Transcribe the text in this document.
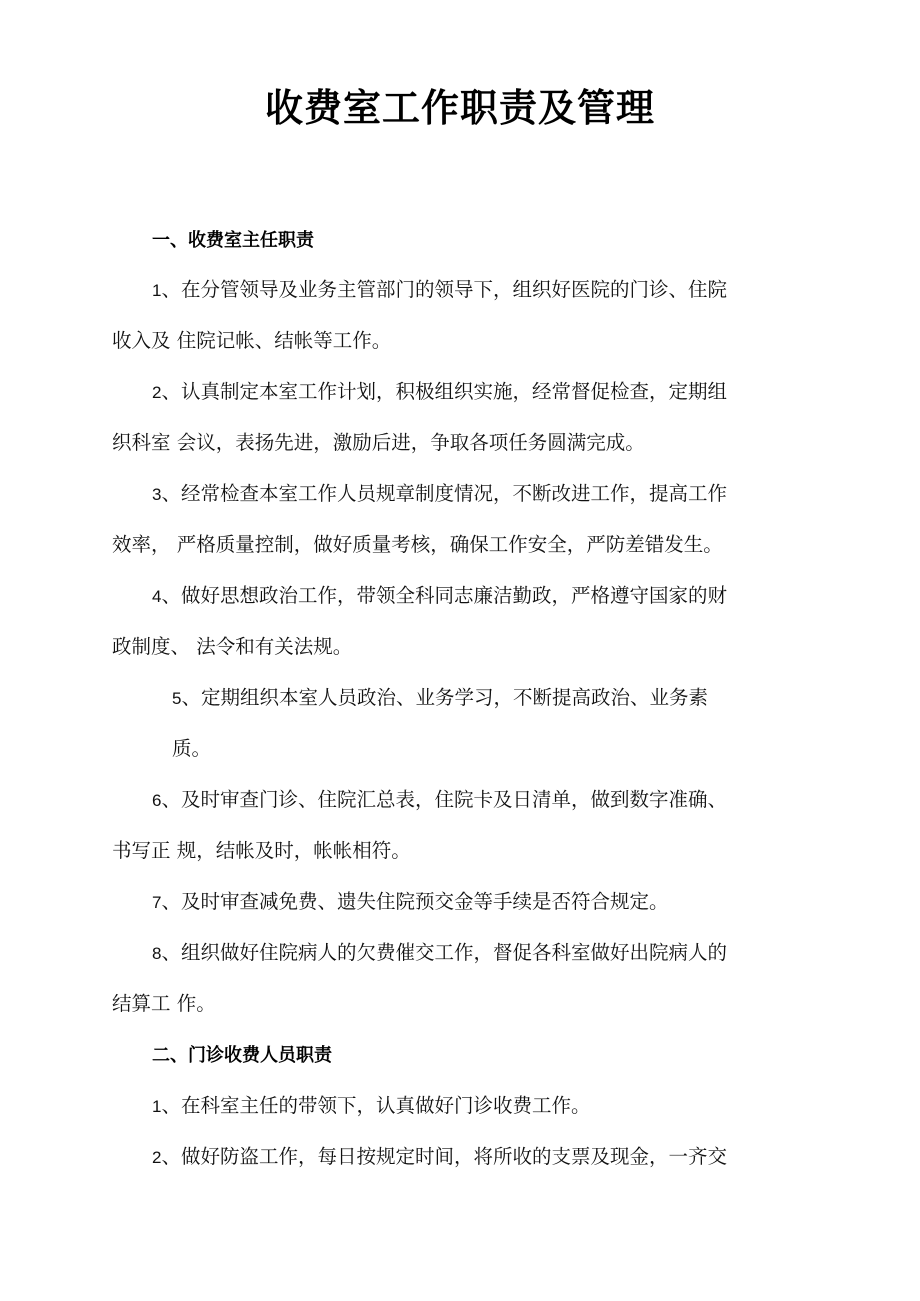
收费室工作职责及管理
一、收费室主任职责
1、在分管领导及业务主管部门的领导下，组织好医院的门诊、住院
收入及 住院记帐、结帐等工作。
2、认真制定本室工作计划，积极组织实施，经常督促检查，定期组
织科室 会议，表扬先进，激励后进，争取各项任务圆满完成。
3、经常检查本室工作人员规章制度情况，不断改进工作，提高工作
效率， 严格质量控制，做好质量考核，确保工作安全，严防差错发生。
4、做好思想政治工作，带领全科同志廉洁勤政，严格遵守国家的财
政制度、 法令和有关法规。
5、定期组织本室人员政治、业务学习，不断提高政治、业务素
质。
6、及时审查门诊、住院汇总表，住院卡及日清单，做到数字准确、
书写正 规，结帐及时，帐帐相符。
7、及时审查减免费、遗失住院预交金等手续是否符合规定。
8、组织做好住院病人的欠费催交工作，督促各科室做好出院病人的
结算工 作。
二、门诊收费人员职责
1、在科室主任的带领下，认真做好门诊收费工作。
2、做好防盗工作，每日按规定时间，将所收的支票及现金，一齐交
